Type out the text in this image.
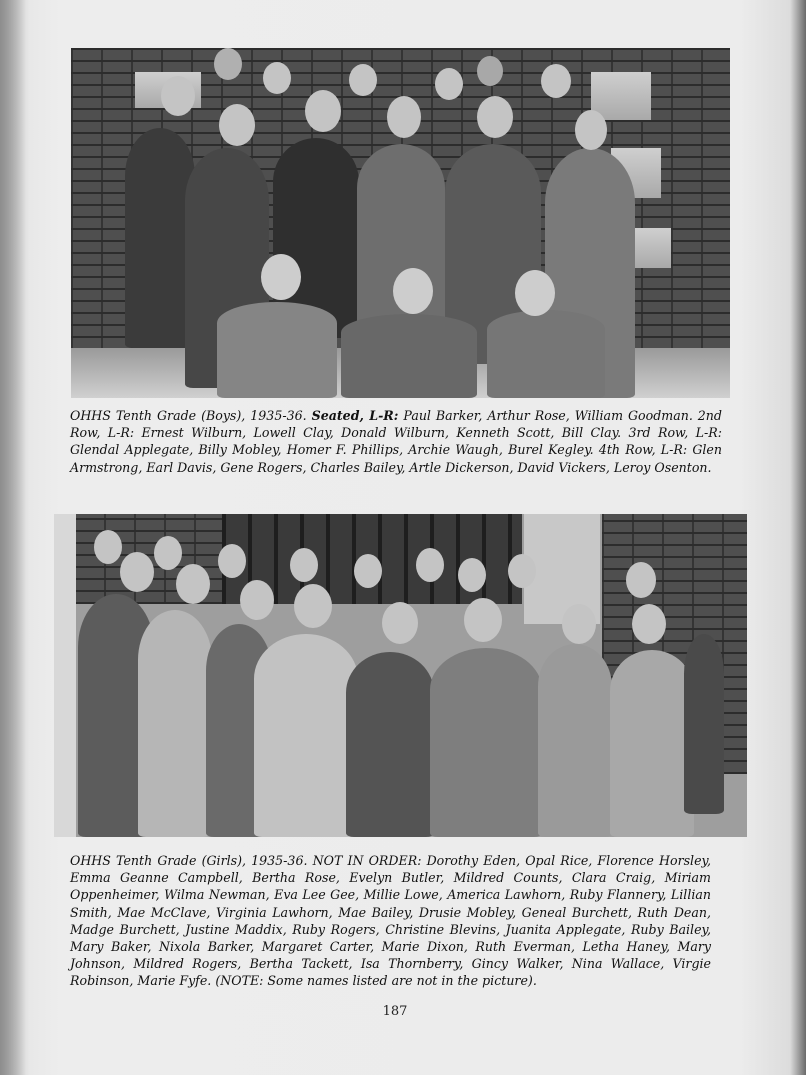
OHHS Tenth Grade (Boys), 1935-36. Seated, L-R: Paul Barker, Arthur Rose, William Goodman. 2nd Row, L-R: Ernest Wilburn, Lowell Clay, Donald Wilburn, Kenneth Scott, Bill Clay. 3rd Row, L-R: Glendal Applegate, Billy Mobley, Homer F. Phillips, Archie Waugh, Burel Kegley. 4th Row, L-R: Glen Armstrong, Earl Davis, Gene Rogers, Charles Bailey, Artle Dickerson, David Vickers, Leroy Osenton.

OHHS Tenth Grade (Girls), 1935-36. NOT IN ORDER: Dorothy Eden, Opal Rice, Florence Horsley, Emma Geanne Campbell, Bertha Rose, Evelyn Butler, Mildred Counts, Clara Craig, Miriam Oppenheimer, Wilma Newman, Eva Lee Gee, Millie Lowe, America Lawhorn, Ruby Flannery, Lillian Smith, Mae McClave, Virginia Lawhorn, Mae Bailey, Drusie Mobley, Geneal Burchett, Ruth Dean, Madge Burchett, Justine Maddix, Ruby Rogers, Christine Blevins, Juanita Applegate, Ruby Bailey, Mary Baker, Nixola Barker, Margaret Carter, Marie Dixon, Ruth Everman, Letha Haney, Mary Johnson, Mildred Rogers, Bertha Tackett, Isa Thornberry, Gincy Walker, Nina Wallace, Virgie Robinson, Marie Fyfe. (NOTE: Some names listed are not in the picture).

187
